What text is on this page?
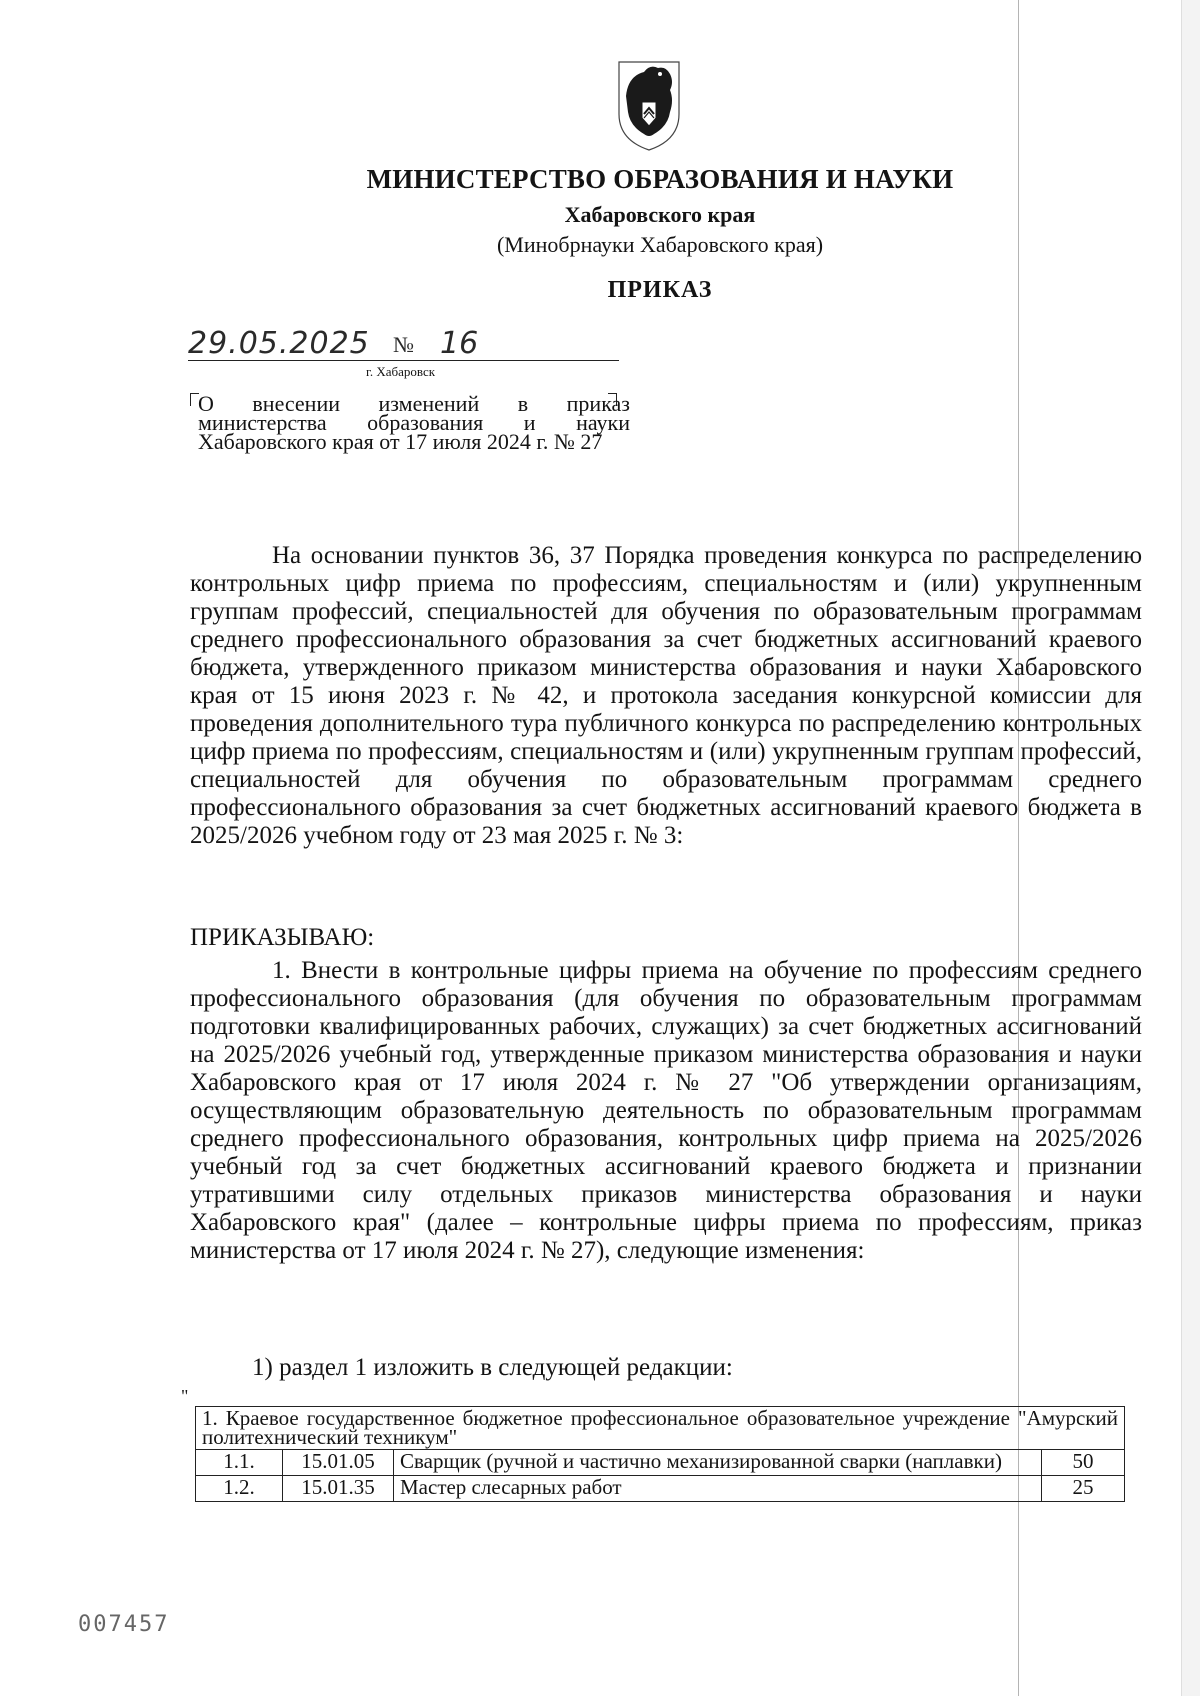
МИНИСТЕРСТВО ОБРАЗОВАНИЯ И НАУКИ
Хабаровского края
(Минобрнауки Хабаровского края)
ПРИКАЗ
29.05.2025 № 16
г. Хабаровск
О внесении изменений в приказ министерства образования и науки Хабаровского края от 17 июля 2024 г. № 27
На основании пунктов 36, 37 Порядка проведения конкурса по распределению контрольных цифр приема по профессиям, специальностям и (или) укрупненным группам профессий, специальностей для обучения по образовательным программам среднего профессионального образования за счет бюджетных ассигнований краевого бюджета, утвержденного приказом министерства образования и науки Хабаровского края от 15 июня 2023 г. № 42, и протокола заседания конкурсной комиссии для проведения дополнительного тура публичного конкурса по распределению контрольных цифр приема по профессиям, специальностям и (или) укрупненным группам профессий, специальностей для обучения по образовательным программам среднего профессионального образования за счет бюджетных ассигнований краевого бюджета в 2025/2026 учебном году от 23 мая 2025 г. № 3:
ПРИКАЗЫВАЮ:
1. Внести в контрольные цифры приема на обучение по профессиям среднего профессионального образования (для обучения по образовательным программам подготовки квалифицированных рабочих, служащих) за счет бюджетных ассигнований на 2025/2026 учебный год, утвержденные приказом министерства образования и науки Хабаровского края от 17 июля 2024 г. № 27 "Об утверждении организациям, осуществляющим образовательную деятельность по образовательным программам среднего профессионального образования, контрольных цифр приема на 2025/2026 учебный год за счет бюджетных ассигнований краевого бюджета и признании утратившими силу отдельных приказов министерства образования и науки Хабаровского края" (далее – контрольные цифры приема по профессиям, приказ министерства от 17 июля 2024 г. № 27), следующие изменения:
1) раздел 1 изложить в следующей редакции:
"
1. Краевое государственное бюджетное профессиональное образовательное учреждение "Амурский политехнический техникум"			
1.1.	15.01.05	Сварщик (ручной и частично механизированной сварки (наплавки)	50
1.2.	15.01.35	Мастер слесарных работ	25
007457
